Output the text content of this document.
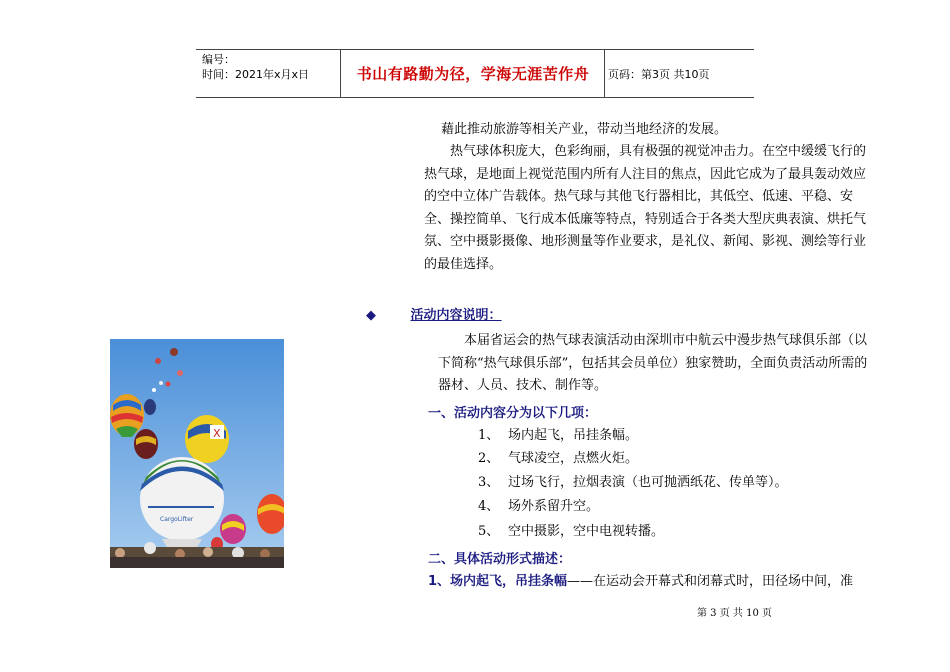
编号：
时间：2021年x月x日	书山有路勤为径，学海无涯苦作舟	页码：第3页 共10页
藉此推动旅游等相关产业，带动当地经济的发展。
热气球体积庞大，色彩绚丽，具有极强的视觉冲击力。在空中缓缓飞行的热气球，是地面上视觉范围内所有人注目的焦点，因此它成为了最具轰动效应的空中立体广告载体。热气球与其他飞行器相比，其低空、低速、平稳、安全、操控简单、飞行成本低廉等特点，特别适合于各类大型庆典表演、烘托气氛、空中摄影摄像、地形测量等作业要求，是礼仪、新闻、影视、测绘等行业的最佳选择。
◆	活动内容说明：
本届省运会的热气球表演活动由深圳市中航云中漫步热气球俱乐部（以下简称“热气球俱乐部”，包括其会员单位）独家赞助，全面负责活动所需的器材、人员、技术、制作等。
一、活动内容分为以下几项：
1、 场内起飞，吊挂条幅。
2、 气球凌空，点燃火炬。
3、 过场飞行，拉烟表演（也可抛洒纸花、传单等）。
4、 场外系留升空。
5、 空中摄影，空中电视转播。
二、具体活动形式描述：
1、场内起飞，吊挂条幅——在运动会开幕式和闭幕式时，田径场中间，准
X
CargoLifter
第 3 页 共 10 页
